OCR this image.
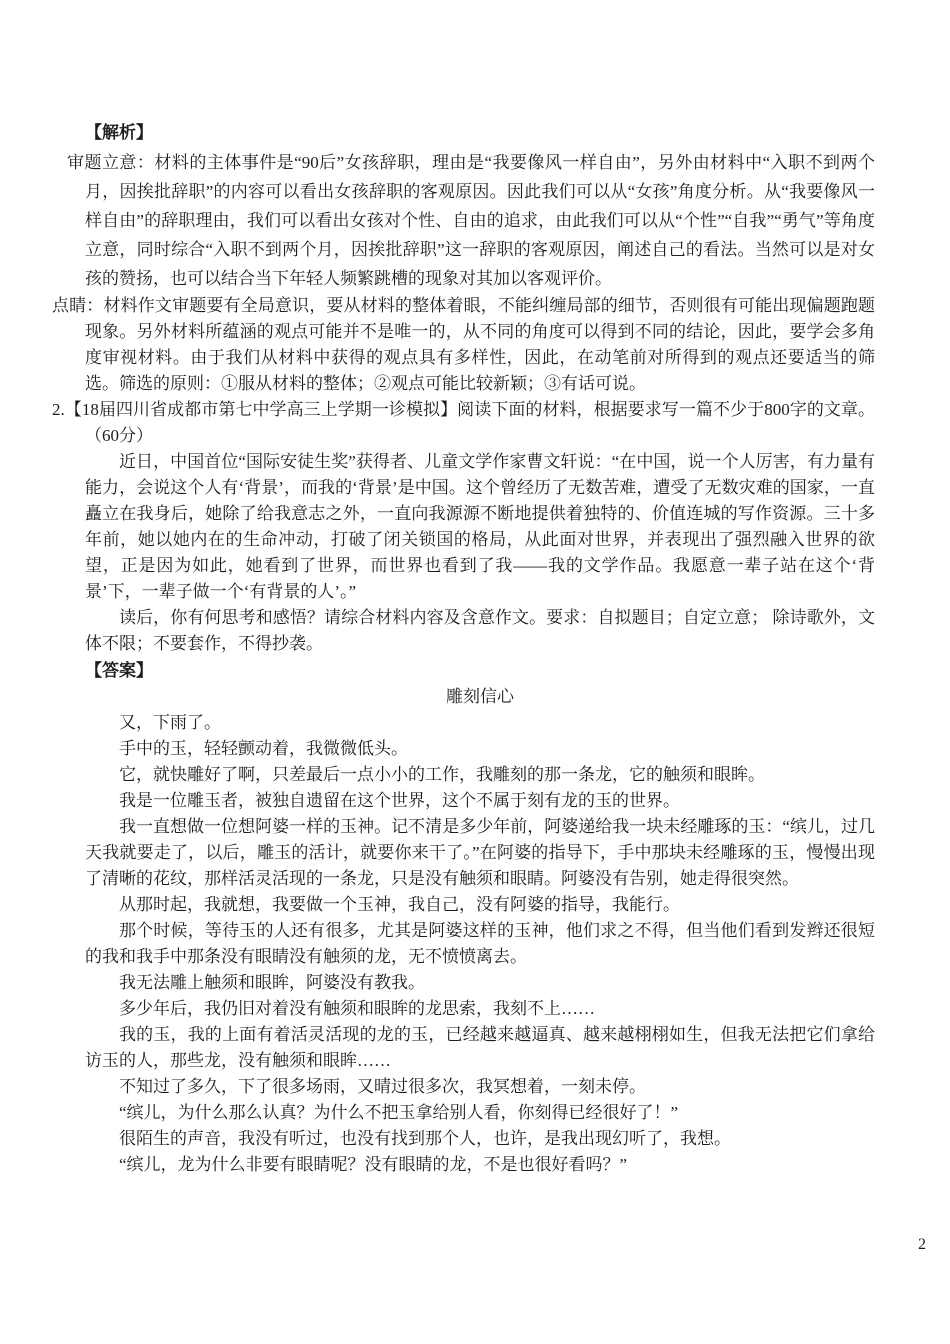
【解析】

审题立意：材料的主体事件是“90后”女孩辞职，理由是“我要像风一样自由”，另外由材料中“入职不到两个月，因挨批辞职”的内容可以看出女孩辞职的客观原因。因此我们可以从“女孩”角度分析。从“我要像风一样自由”的辞职理由，我们可以看出女孩对个性、自由的追求，由此我们可以从“个性”“自我”“勇气”等角度立意，同时综合“入职不到两个月，因挨批辞职”这一辞职的客观原因，阐述自己的看法。当然可以是对女孩的赞扬，也可以结合当下年轻人频繁跳槽的现象对其加以客观评价。

点睛：材料作文审题要有全局意识，要从材料的整体着眼，不能纠缠局部的细节，否则很有可能出现偏题跑题现象。另外材料所蕴涵的观点可能并不是唯一的，从不同的角度可以得到不同的结论，因此，要学会多角度审视材料。由于我们从材料中获得的观点具有多样性，因此，在动笔前对所得到的观点还要适当的筛选。筛选的原则：①服从材料的整体；②观点可能比较新颖；③有话可说。

2.【18届四川省成都市第七中学高三上学期一诊模拟】阅读下面的材料，根据要求写一篇不少于800字的文章。（60分）

近日，中国首位“国际安徒生奖”获得者、儿童文学作家曹文轩说：“在中国，说一个人厉害，有力量有能力，会说这个人有‘背景’，而我的‘背景’是中国。这个曾经历了无数苦难，遭受了无数灾难的国家，一直矗立在我身后，她除了给我意志之外，一直向我源源不断地提供着独特的、价值连城的写作资源。三十多年前，她以她内在的生命冲动，打破了闭关锁国的格局，从此面对世界，并表现出了强烈融入世界的欲望，正是因为如此，她看到了世界，而世界也看到了我——我的文学作品。我愿意一辈子站在这个‘背景’下，一辈子做一个‘有背景的人’。”

读后，你有何思考和感悟？请综合材料内容及含意作文。要求：自拟题目；自定立意； 除诗歌外，文体不限；不要套作，不得抄袭。

【答案】

雕刻信心

又，下雨了。

手中的玉，轻轻颤动着，我微微低头。

它，就快雕好了啊，只差最后一点小小的工作，我雕刻的那一条龙，它的触须和眼眸。

我是一位雕玉者，被独自遗留在这个世界，这个不属于刻有龙的玉的世界。

我一直想做一位想阿婆一样的玉神。记不清是多少年前，阿婆递给我一块未经雕琢的玉：“缤儿，过几天我就要走了，以后，雕玉的活计，就要你来干了。”在阿婆的指导下，手中那块未经雕琢的玉，慢慢出现了清晰的花纹，那样活灵活现的一条龙，只是没有触须和眼睛。阿婆没有告别，她走得很突然。

从那时起，我就想，我要做一个玉神，我自己，没有阿婆的指导，我能行。

那个时候，等待玉的人还有很多，尤其是阿婆这样的玉神，他们求之不得，但当他们看到发辫还很短的我和我手中那条没有眼睛没有触须的龙，无不愤愤离去。

我无法雕上触须和眼眸，阿婆没有教我。

多少年后，我仍旧对着没有触须和眼眸的龙思索，我刻不上……

我的玉，我的上面有着活灵活现的龙的玉，已经越来越逼真、越来越栩栩如生，但我无法把它们拿给访玉的人，那些龙，没有触须和眼眸……

不知过了多久，下了很多场雨，又晴过很多次，我冥想着，一刻未停。

“缤儿，为什么那么认真？为什么不把玉拿给别人看，你刻得已经很好了！”

很陌生的声音，我没有听过，也没有找到那个人，也许，是我出现幻听了，我想。

“缤儿，龙为什么非要有眼睛呢？没有眼睛的龙，不是也很好看吗？”

2
